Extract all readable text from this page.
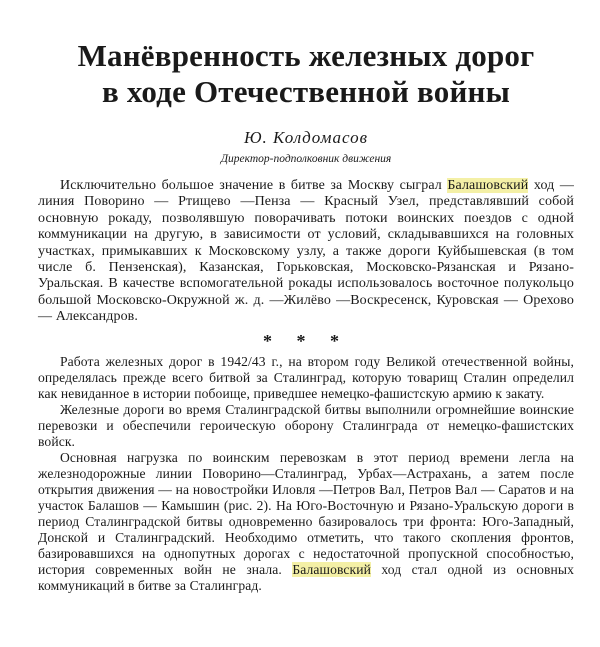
Манёвренность железных дорог
в ходе Отечественной войны
Ю. Колдомасов
Директор-подполковник движения

Исключительно большое значение в битве за Москву сыграл Балашовский ход — линия Поворино — Ртищево —Пенза — Красный Узел, представлявший собой основную рокаду, позволявшую поворачивать потоки воинских поездов с одной коммуникации на другую, в зависимости от условий, складывавшихся на головных участках, примыкавших к Московскому узлу, а также дороги Куйбышевская (в том числе б. Пензенская), Казанская, Горьковская, Московско-Рязанская и Рязано-Уральская. В качестве вспомогательной рокады использовалось восточное полукольцо большой Московско-Окружной ж. д. —Жилёво —Воскресенск, Куровская — Орехово — Александров.

* * *

Работа железных дорог в 1942/43 г., на втором году Великой отечественной войны, определялась прежде всего битвой за Сталинград, которую товарищ Сталин определил как невиданное в истории побоище, приведшее немецко-фашистскую армию к закату.

Железные дороги во время Сталинградской битвы выполнили огромнейшие воинские перевозки и обеспечили героическую оборону Сталинграда от немецко-фашистских войск.

Основная нагрузка по воинским перевозкам в этот период времени легла на железнодорожные линии Поворино—Сталинград, Урбах—Астрахань, а затем после открытия движения — на новостройки Иловля —Петров Вал, Петров Вал — Саратов и на участок Балашов — Камышин (рис. 2). На Юго-Восточную и Рязано-Уральскую дороги в период Сталинградской битвы одновременно базировалось три фронта: Юго-Западный, Донской и Сталинградский. Необходимо отметить, что такого скопления фронтов, базировавшихся на однопутных дорогах с недостаточной пропускной способностью, история современных войн не знала. Балашовский ход стал одной из основных коммуникаций в битве за Сталинград.
